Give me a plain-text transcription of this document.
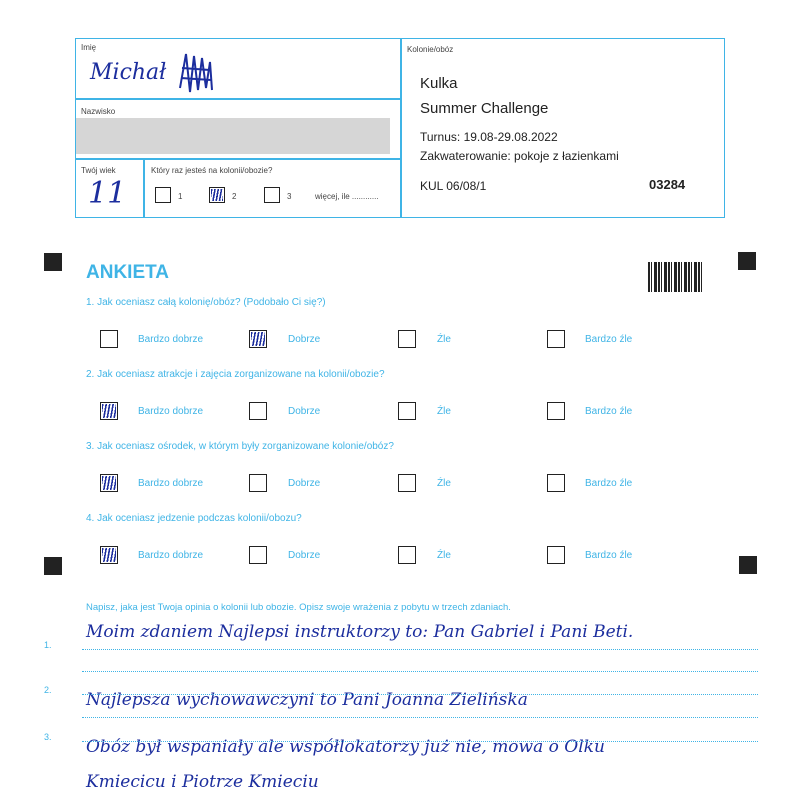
Imię
Michał
Nazwisko
Twój wiek
11
Który raz jesteś na kolonii/obozie?
1	2	3	więcej, ile ............
Kolonie/obóz
Kulka
Summer Challenge
Turnus: 19.08-29.08.2022
Zakwaterowanie: pokoje z łazienkami
KUL 06/08/1	03284
ANKIETA
1. Jak oceniasz całą kolonię/obóz? (Podobało Ci się?)
Bardzo dobrze	Dobrze	Źle	Bardzo źle
2. Jak oceniasz atrakcje i zajęcia zorganizowane na kolonii/obozie?
Bardzo dobrze	Dobrze	Źle	Bardzo źle
3. Jak oceniasz ośrodek, w którym były zorganizowane kolonie/obóz?
Bardzo dobrze	Dobrze	Źle	Bardzo źle
4. Jak oceniasz jedzenie podczas kolonii/obozu?
Bardzo dobrze	Dobrze	Źle	Bardzo źle
Napisz, jaka jest Twoja opinia o kolonii lub obozie. Opisz swoje wrażenia z pobytu w trzech zdaniach.
1.
Moim zdaniem Najlepsi instruktorzy to: Pan Gabriel i Pani Beti.
2. Najlepsza wychowawczyni to Pani Joanna Zielińska
3. Obóz był wspaniały ale współlokatorzy już nie, mowa o Olku
Kmiecicu i Piotrze Kmieciu
